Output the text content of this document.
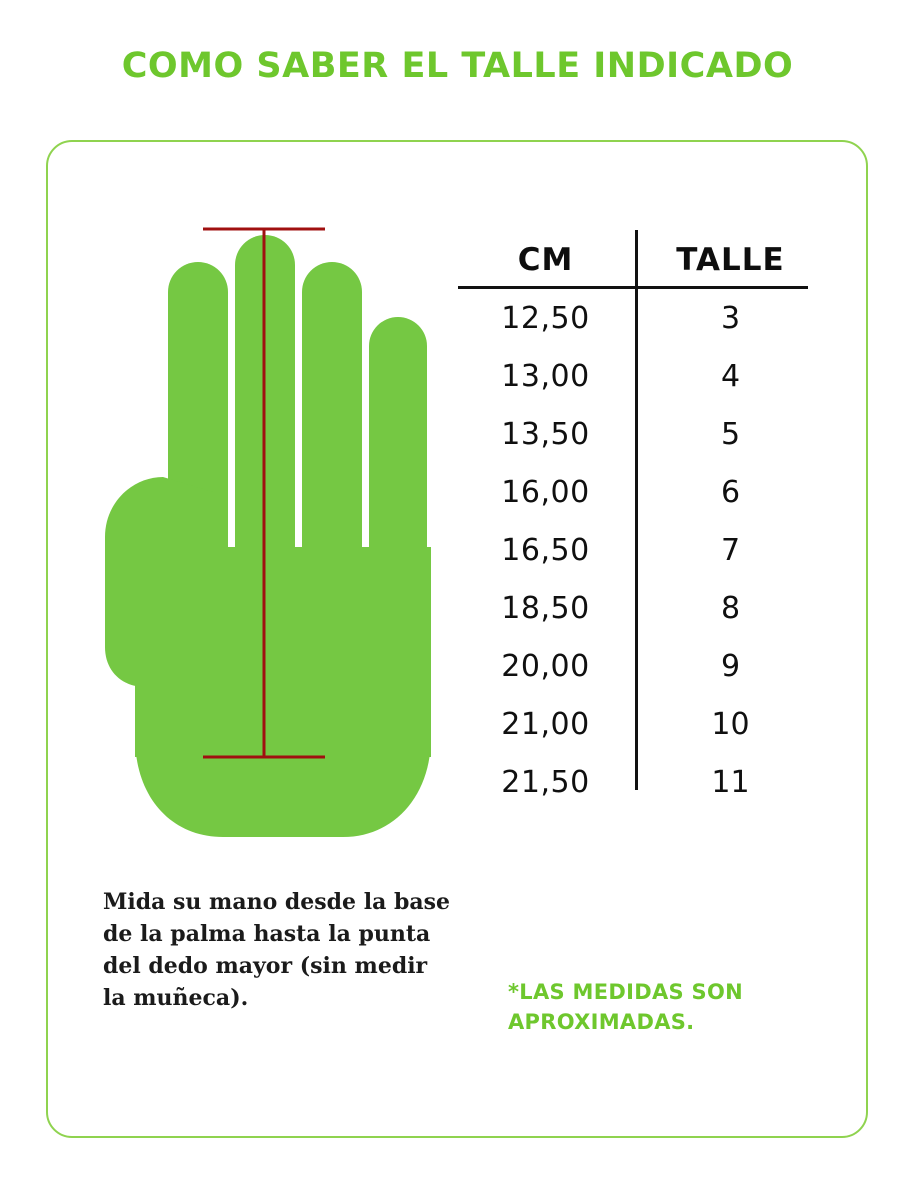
COMO SABER EL TALLE INDICADO
CM	TALLE
12,50	3
13,00	4
13,50	5
16,00	6
16,50	7
18,50	8
20,00	9
21,00	10
21,50	11
Mida su mano desde la base de la palma hasta la punta del dedo mayor (sin medir la muñeca).	*LAS MEDIDAS SON APROXIMADAS.
